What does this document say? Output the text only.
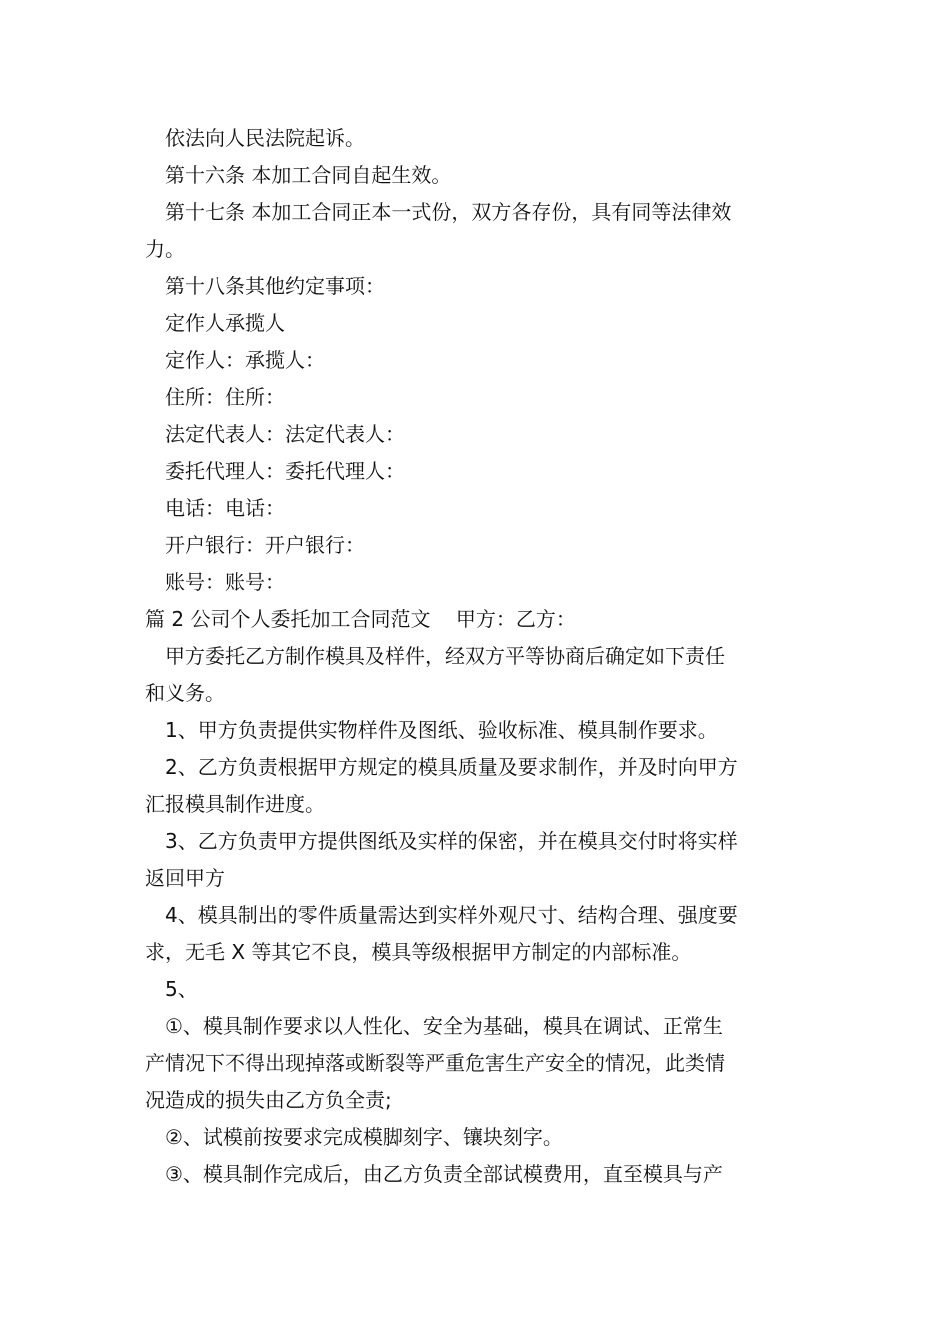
依法向人民法院起诉。
第十六条 本加工合同自起生效。
第十七条 本加工合同正本一式份，双方各存份，具有同等法律效
力。
第十八条其他约定事项：
定作人承揽人
定作人：承揽人：
住所：住所：
法定代表人：法定代表人：
委托代理人：委托代理人：
电话：电话：
开户银行：开户银行：
账号：账号：
篇 2 公司个人委托加工合同范文    甲方：乙方：
甲方委托乙方制作模具及样件，经双方平等协商后确定如下责任
和义务。
1、甲方负责提供实物样件及图纸、验收标准、模具制作要求。
2、乙方负责根据甲方规定的模具质量及要求制作，并及时向甲方
汇报模具制作进度。
3、乙方负责甲方提供图纸及实样的保密，并在模具交付时将实样
返回甲方
4、模具制出的零件质量需达到实样外观尺寸、结构合理、强度要
求，无毛 X 等其它不良，模具等级根据甲方制定的内部标准。
5、
①、模具制作要求以人性化、安全为基础，模具在调试、正常生
产情况下不得出现掉落或断裂等严重危害生产安全的情况，此类情
况造成的损失由乙方负全责;
②、试模前按要求完成模脚刻字、镶块刻字。
③、模具制作完成后，由乙方负责全部试模费用，直至模具与产
